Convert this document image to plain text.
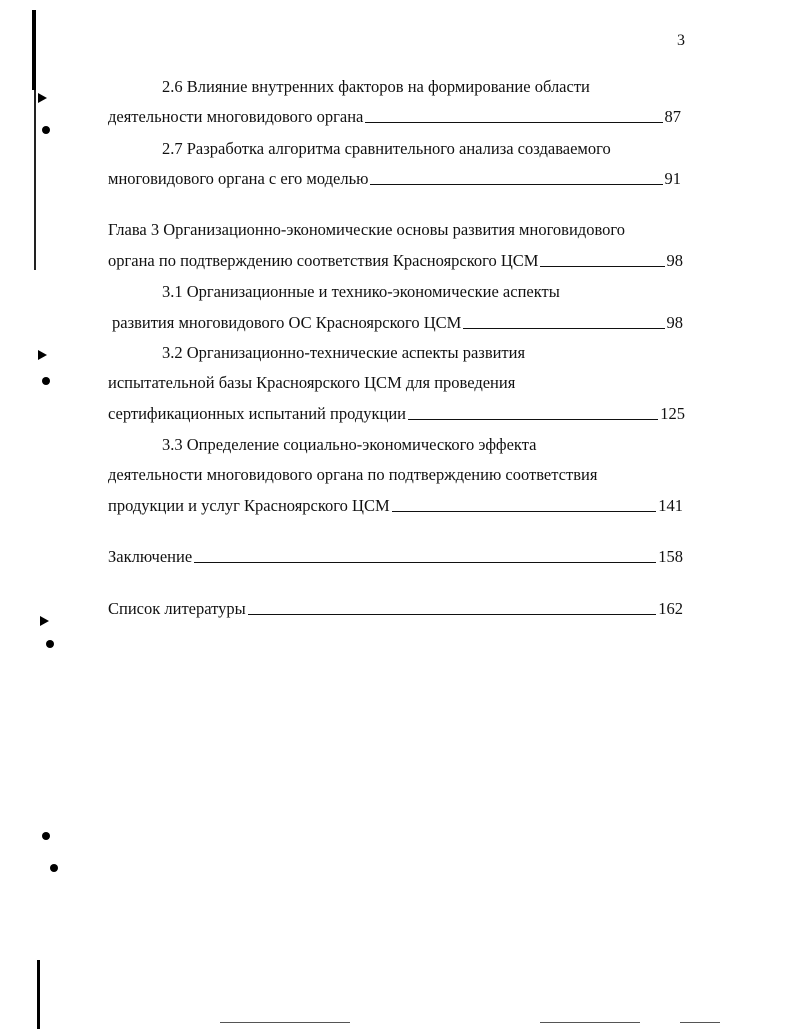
3
2.6 Влияние внутренних факторов на формирование области
деятельности многовидового органа	87
2.7 Разработка алгоритма сравнительного анализа создаваемого
многовидового органа с его моделью	91
Глава 3 Организационно-экономические основы развития многовидового
органа по подтверждению соответствия Красноярского ЦСМ	98
3.1 Организационные и технико-экономические аспекты
развития многовидового ОС Красноярского ЦСМ	98
3.2 Организационно-технические аспекты развития
испытательной базы Красноярского ЦСМ для проведения
сертификационных испытаний продукции	125
3.3 Определение социально-экономического эффекта
деятельности многовидового органа по подтверждению соответствия
продукции и услуг Красноярского ЦСМ	141
Заключение	158
Список литературы	162
